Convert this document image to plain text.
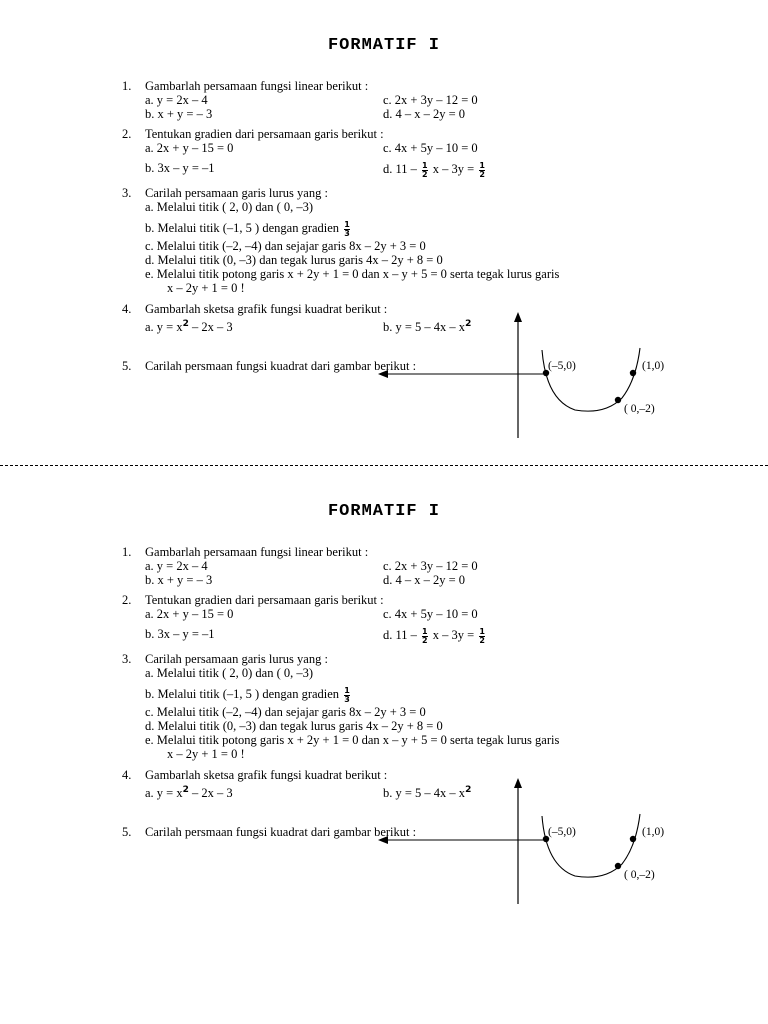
FORMATIF I
1. Gambarlah persamaan fungsi linear berikut :
a. y = 2x – 4	c. 2x + 3y – 12 = 0
b. x + y = – 3	d. 4 – x – 2y = 0
2. Tentukan gradien dari persamaan garis berikut :
a. 2x + y – 15 = 0	c. 4x + 5y – 10 = 0
b. 3x – y = –1	d. $11 - \frac{1}{2}$ $x - 3y = \frac{1}{2}$
3. Carilah persamaan garis lurus yang :
a. Melalui titik ( 2, 0) dan ( 0, –3)
b. Melalui titik (–1, 5 ) dengan gradien $\frac{1}{3}$
c. Melalui titik (–2, –4) dan sejajar garis 8x – 2y + 3 = 0
d. Melalui titik (0, –3) dan tegak lurus garis 4x – 2y + 8 = 0
e. Melalui titik potong garis x + 2y + 1 = 0 dan x – y + 5 = 0 serta tegak lurus garis
x – 2y + 1 = 0 !
4. Gambarlah sketsa grafik fungsi kuadrat berikut :
a. $y = x^2 - 2x - 3$	b. $y = 5 - 4x - x^2$
5. Carilah persmaan fungsi kuadrat dari gambar berikut :	(–5,0)	(1,0)
( 0,–2)
FORMATIF I
1. Gambarlah persamaan fungsi linear berikut :
a. y = 2x – 4	c. 2x + 3y – 12 = 0
b. x + y = – 3	d. 4 – x – 2y = 0
2. Tentukan gradien dari persamaan garis berikut :
a. 2x + y – 15 = 0	c. 4x + 5y – 10 = 0
b. 3x – y = –1	d. $11 - \frac{1}{2}$ $x - 3y = \frac{1}{2}$
3. Carilah persamaan garis lurus yang :
a. Melalui titik ( 2, 0) dan ( 0, –3)
b. Melalui titik (–1, 5 ) dengan gradien $\frac{1}{3}$
c. Melalui titik (–2, –4) dan sejajar garis 8x – 2y + 3 = 0
d. Melalui titik (0, –3) dan tegak lurus garis 4x – 2y + 8 = 0
e. Melalui titik potong garis x + 2y + 1 = 0 dan x – y + 5 = 0 serta tegak lurus garis
x – 2y + 1 = 0 !
4. Gambarlah sketsa grafik fungsi kuadrat berikut :
a. $y = x^2 - 2x - 3$	b. $y = 5 - 4x - x^2$
5. Carilah persmaan fungsi kuadrat dari gambar berikut :	(–5,0)	(1,0)
( 0,–2)
